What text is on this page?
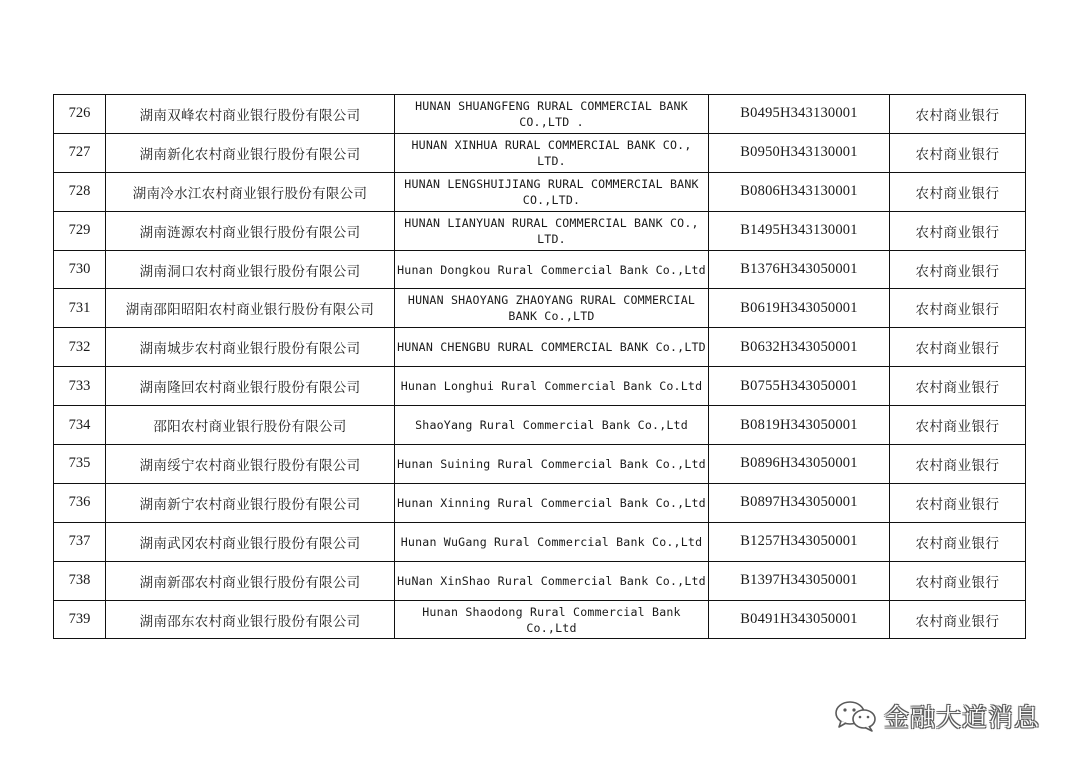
726	湖南双峰农村商业银行股份有限公司	HUNAN SHUANGFENG RURAL COMMERCIAL BANK CO.,LTD .	B0495H343130001	农村商业银行
727	湖南新化农村商业银行股份有限公司	HUNAN XINHUA RURAL COMMERCIAL BANK CO., LTD.	B0950H343130001	农村商业银行
728	湖南冷水江农村商业银行股份有限公司	HUNAN LENGSHUIJIANG RURAL COMMERCIAL BANK CO.,LTD.	B0806H343130001	农村商业银行
729	湖南涟源农村商业银行股份有限公司	HUNAN LIANYUAN RURAL COMMERCIAL BANK CO., LTD.	B1495H343130001	农村商业银行
730	湖南洞口农村商业银行股份有限公司	Hunan Dongkou Rural Commercial Bank Co.,Ltd	B1376H343050001	农村商业银行
731	湖南邵阳昭阳农村商业银行股份有限公司	HUNAN SHAOYANG ZHAOYANG RURAL COMMERCIAL BANK Co.,LTD	B0619H343050001	农村商业银行
732	湖南城步农村商业银行股份有限公司	HUNAN CHENGBU RURAL COMMERCIAL BANK Co.,LTD	B0632H343050001	农村商业银行
733	湖南隆回农村商业银行股份有限公司	Hunan Longhui Rural Commercial Bank Co.Ltd	B0755H343050001	农村商业银行
734	邵阳农村商业银行股份有限公司	ShaoYang Rural Commercial Bank Co.,Ltd	B0819H343050001	农村商业银行
735	湖南绥宁农村商业银行股份有限公司	Hunan Suining Rural Commercial Bank Co.,Ltd	B0896H343050001	农村商业银行
736	湖南新宁农村商业银行股份有限公司	Hunan Xinning Rural Commercial Bank Co.,Ltd	B0897H343050001	农村商业银行
737	湖南武冈农村商业银行股份有限公司	Hunan WuGang Rural Commercial Bank Co.,Ltd	B1257H343050001	农村商业银行
738	湖南新邵农村商业银行股份有限公司	HuNan XinShao Rural Commercial Bank Co.,Ltd	B1397H343050001	农村商业银行
739	湖南邵东农村商业银行股份有限公司	Hunan Shaodong Rural Commercial Bank Co.,Ltd	B0491H343050001	农村商业银行
金融大道消息
